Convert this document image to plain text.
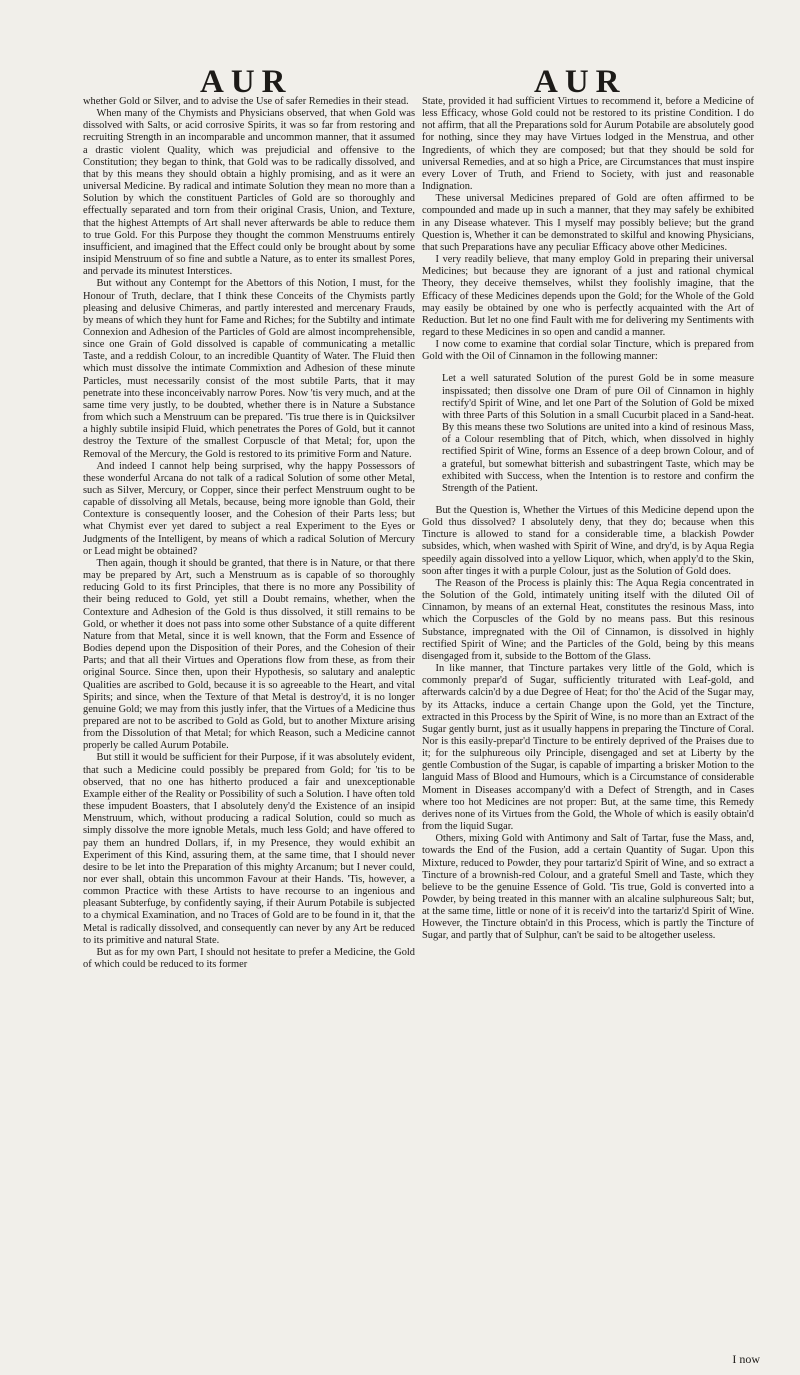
AUR	AUR

whether Gold or Silver, and to advise the Use of safer Remedies in their stead.

When many of the Chymists and Physicians observed, that when Gold was dissolved with Salts, or acid corrosive Spirits, it was so far from restoring and recruiting Strength in an incomparable and uncommon manner, that it assumed a drastic violent Quality, which was prejudicial and offensive to the Constitution; they began to think, that Gold was to be radically dissolved, and that by this means they should obtain a highly promising, and as it were an universal Medicine. By radical and intimate Solution they mean no more than a Solution by which the constituent Particles of Gold are so thoroughly and effectually separated and torn from their original Crasis, Union, and Texture, that the highest Attempts of Art shall never afterwards be able to reduce them to true Gold. For this Purpose they thought the common Menstruums entirely insufficient, and imagined that the Effect could only be brought about by some insipid Menstruum of so fine and subtle a Nature, as to enter its smallest Pores, and pervade its minutest Interstices.

But without any Contempt for the Abettors of this Notion, I must, for the Honour of Truth, declare, that I think these Conceits of the Chymists partly pleasing and delusive Chimeras, and partly interested and mercenary Frauds, by means of which they hunt for Fame and Riches; for the Subtilty and intimate Connexion and Adhesion of the Particles of Gold are almost incomprehensible, since one Grain of Gold dissolved is capable of communicating a metallic Taste, and a reddish Colour, to an incredible Quantity of Water. The Fluid then which must dissolve the intimate Commixtion and Adhesion of these minute Particles, must necessarily consist of the most subtile Parts, that it may penetrate into these inconceivably narrow Pores. Now 'tis very much, and at the same time very justly, to be doubted, whether there is in Nature a Substance from which such a Menstruum can be prepared. 'Tis true there is in Quicksilver a highly subtile insipid Fluid, which penetrates the Pores of Gold, but it cannot destroy the Texture of the smallest Corpuscle of that Metal; for, upon the Removal of the Mercury, the Gold is restored to its primitive Form and Nature.

And indeed I cannot help being surprised, why the happy Possessors of these wonderful Arcana do not talk of a radical Solution of some other Metal, such as Silver, Mercury, or Copper, since their perfect Menstruum ought to be capable of dissolving all Metals, because, being more ignoble than Gold, their Contexture is consequently looser, and the Cohesion of their Parts less; but what Chymist ever yet dared to subject a real Experiment to the Eyes or Judgments of the Intelligent, by means of which a radical Solution of Mercury or Lead might be obtained?

Then again, though it should be granted, that there is in Nature, or that there may be prepared by Art, such a Menstruum as is capable of so thoroughly reducing Gold to its first Principles, that there is no more any Possibility of their being reduced to Gold, yet still a Doubt remains, whether, when the Contexture and Adhesion of the Gold is thus dissolved, it still remains to be Gold, or whether it does not pass into some other Substance of a quite different Nature from that Metal, since it is well known, that the Form and Essence of Bodies depend upon the Disposition of their Pores, and the Cohesion of their Parts; and that all their Virtues and Operations flow from these, as from their original Source. Since then, upon their Hypothesis, so salutary and analeptic Qualities are ascribed to Gold, because it is so agreeable to the Heart, and vital Spirits; and since, when the Texture of that Metal is destroy'd, it is no longer genuine Gold; we may from this justly infer, that the Virtues of a Medicine thus prepared are not to be ascribed to Gold as Gold, but to another Mixture arising from the Dissolution of that Metal; for which Reason, such a Medicine cannot properly be called Aurum Potabile.

But still it would be sufficient for their Purpose, if it was absolutely evident, that such a Medicine could possibly be prepared from Gold; for 'tis to be observed, that no one has hitherto produced a fair and unexceptionable Example either of the Reality or Possibility of such a Solution. I have often told these impudent Boasters, that I absolutely deny'd the Existence of an insipid Menstruum, which, without producing a radical Solution, could so much as simply dissolve the more ignoble Metals, much less Gold; and have offered to pay them an hundred Dollars, if, in my Presence, they would exhibit an Experiment of this Kind, assuring them, at the same time, that I should never desire to be let into the Preparation of this mighty Arcanum; but I never could, nor ever shall, obtain this uncommon Favour at their Hands. 'Tis, however, a common Practice with these Artists to have recourse to an ingenious and pleasant Subterfuge, by confidently saying, if their Aurum Potabile is subjected to a chymical Examination, and no Traces of Gold are to be found in it, that the Metal is radically dissolved, and consequently can never by any Art be reduced to its primitive and natural State.

But as for my own Part, I should not hesitate to prefer a Medicine, the Gold of which could be reduced to its former

State, provided it had sufficient Virtues to recommend it, before a Medicine of less Efficacy, whose Gold could not be restored to its pristine Condition. I do not affirm, that all the Preparations sold for Aurum Potabile are absolutely good for nothing, since they may have Virtues lodged in the Menstrua, and other Ingredients, of which they are composed; but that they should be sold for universal Remedies, and at so high a Price, are Circumstances that must inspire every Lover of Truth, and Friend to Society, with just and reasonable Indignation.

These universal Medicines prepared of Gold are often affirmed to be compounded and made up in such a manner, that they may safely be exhibited in any Disease whatever. This I myself may possibly believe; but the grand Question is, Whether it can be demonstrated to skilful and knowing Physicians, that such Preparations have any peculiar Efficacy above other Medicines.

I very readily believe, that many employ Gold in preparing their universal Medicines; but because they are ignorant of a just and rational chymical Theory, they deceive themselves, whilst they foolishly imagine, that the Efficacy of these Medicines depends upon the Gold; for the Whole of the Gold may easily be obtained by one who is perfectly acquainted with the Art of Reduction. But let no one find Fault with me for delivering my Sentiments with regard to these Medicines in so open and candid a manner.

I now come to examine that cordial solar Tincture, which is prepared from Gold with the Oil of Cinnamon in the following manner:

Let a well saturated Solution of the purest Gold be in some measure inspissated; then dissolve one Dram of pure Oil of Cinnamon in highly rectify'd Spirit of Wine, and let one Part of the Solution of Gold be mixed with three Parts of this Solution in a small Cucurbit placed in a Sand-heat. By this means these two Solutions are united into a kind of resinous Mass, of a Colour resembling that of Pitch, which, when dissolved in highly rectified Spirit of Wine, forms an Essence of a deep brown Colour, and of a grateful, but somewhat bitterish and subastringent Taste, which may be exhibited with Success, when the Intention is to restore and confirm the Strength of the Patient.

But the Question is, Whether the Virtues of this Medicine depend upon the Gold thus dissolved? I absolutely deny, that they do; because when this Tincture is allowed to stand for a considerable time, a blackish Powder subsides, which, when washed with Spirit of Wine, and dry'd, is by Aqua Regia speedily again dissolved into a yellow Liquor, which, when apply'd to the Skin, soon after tinges it with a purple Colour, just as the Solution of Gold does.

The Reason of the Process is plainly this: The Aqua Regia concentrated in the Solution of the Gold, intimately uniting itself with the diluted Oil of Cinnamon, by means of an external Heat, constitutes the resinous Mass, into which the Corpuscles of the Gold by no means pass. But this resinous Substance, impregnated with the Oil of Cinnamon, is dissolved in highly rectified Spirit of Wine; and the Particles of the Gold, being by this means disengaged from it, subside to the Bottom of the Glass.

In like manner, that Tincture partakes very little of the Gold, which is commonly prepar'd of Sugar, sufficiently triturated with Leaf-gold, and afterwards calcin'd by a due Degree of Heat; for tho' the Acid of the Sugar may, by its Attacks, induce a certain Change upon the Gold, yet the Tincture, extracted in this Process by the Spirit of Wine, is no more than an Extract of the Sugar gently burnt, just as it usually happens in preparing the Tincture of Coral. Nor is this easily-prepar'd Tincture to be entirely deprived of the Praises due to it; for the sulphureous oily Principle, disengaged and set at Liberty by the gentle Combustion of the Sugar, is capable of imparting a brisker Motion to the languid Mass of Blood and Humours, which is a Circumstance of considerable Moment in Diseases accompany'd with a Defect of Strength, and in Cases where too hot Medicines are not proper: But, at the same time, this Remedy derives none of its Virtues from the Gold, the Whole of which is easily obtain'd from the liquid Sugar.

Others, mixing Gold with Antimony and Salt of Tartar, fuse the Mass, and, towards the End of the Fusion, add a certain Quantity of Sugar. Upon this Mixture, reduced to Powder, they pour tartariz'd Spirit of Wine, and so extract a Tincture of a brownish-red Colour, and a grateful Smell and Taste, which they believe to be the genuine Essence of Gold. 'Tis true, Gold is converted into a Powder, by being treated in this manner with an alcaline sulphureous Salt; but, at the same time, little or none of it is receiv'd into the tartariz'd Spirit of Wine. However, the Tincture obtain'd in this Process, which is partly the Tincture of Sugar, and partly that of Sulphur, can't be said to be altogether useless.

I now
